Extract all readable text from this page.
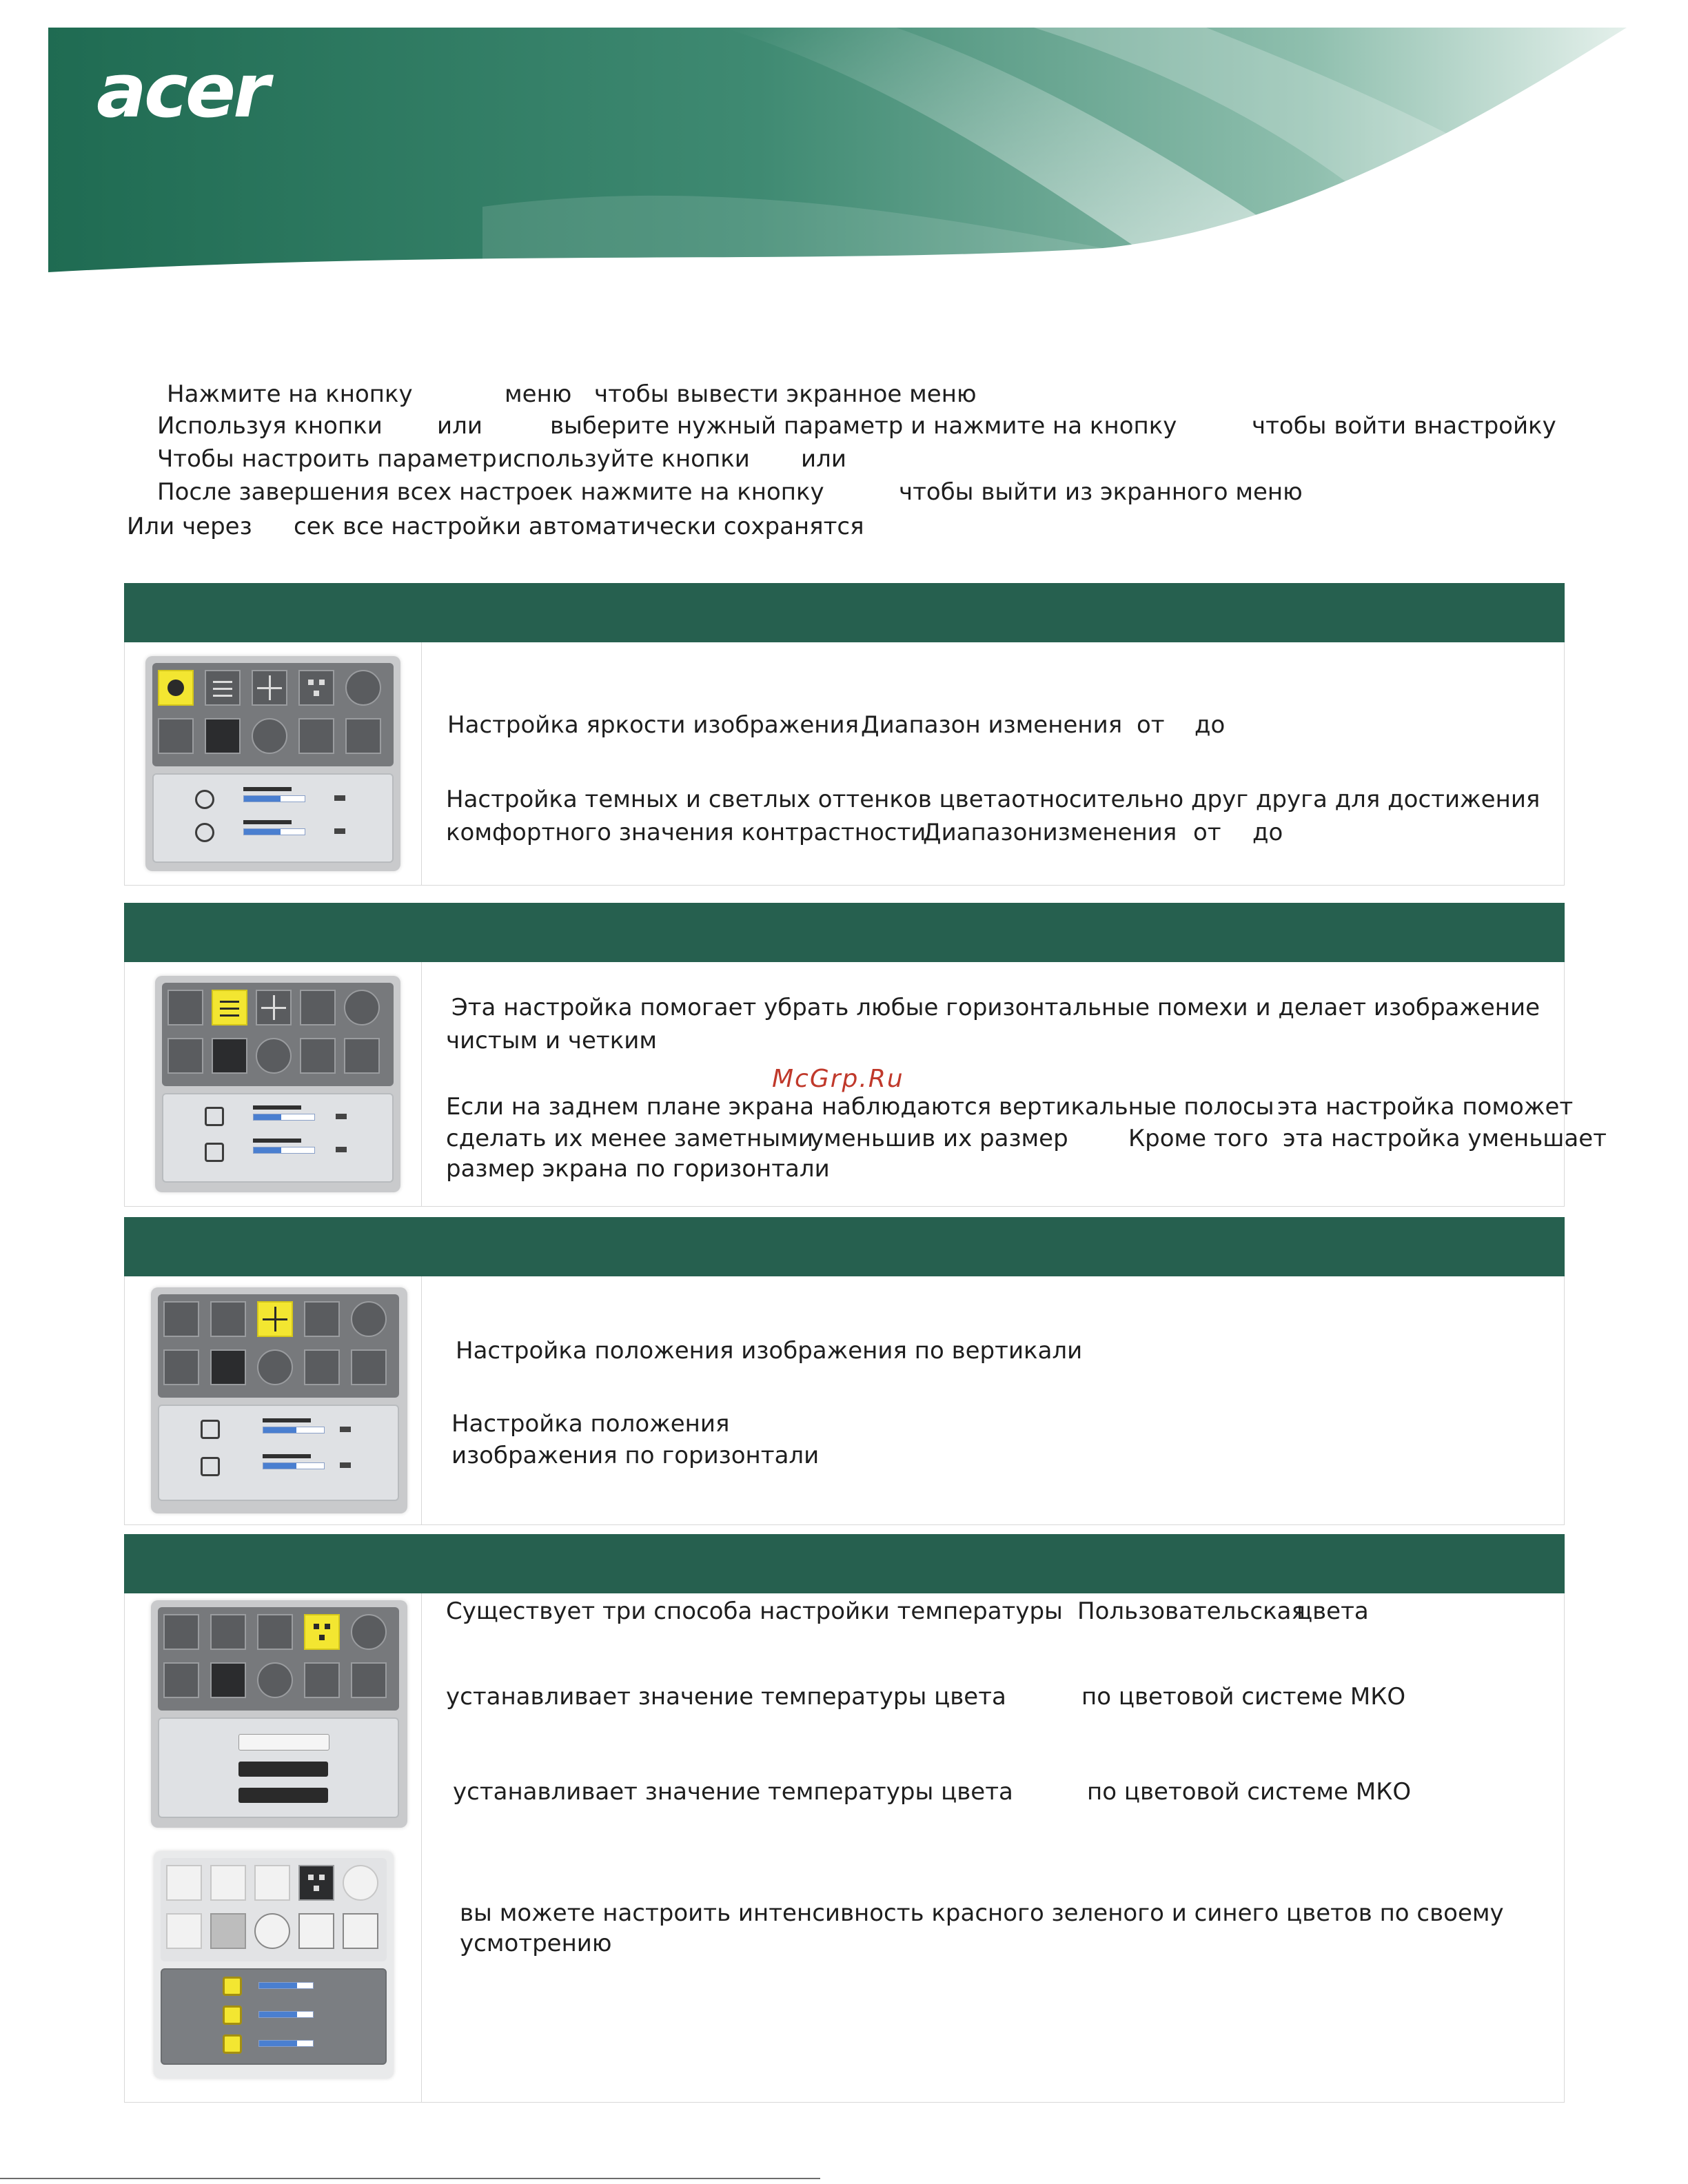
acer
Нажмите на кнопку	меню чтобы вывести экранное меню
Используя кнопки или	выберите нужный параметр и нажмите на кнопку	чтобы войти внастройку
Чтобы настроить параметр используйте кнопки или
После завершения всех настроек нажмите на кнопку	чтобы выйти из экранного меню
Или через сек все настройки автоматически сохранятся
Настройка яркости изображения Диапазон изменения от до
Настройка темных и светлых оттенков цветаотносительно друг друга для достижения
комфортного значения контрастности
Диапазонизменения от до
Эта настройка помогает убрать любые горизонтальные помехи и делает изображение
чистым и четким
Если на заднем плане экрана наблюдаются вертикальные полосы эта настройка поможет
сделать их менее заметными
уменьшив их размер	Кроме того эта настройка уменьшает
размер экрана по горизонтали
McGrp.Ru
Настройка положения изображения по вертикали
Настройка положения
изображения по горизонтали
Существует три способа настройки температуры Пользовательская
цвета
устанавливает значение температуры цвета	по цветовой системе МКО
устанавливает значение температуры цвета	по цветовой системе МКО
вы можете настроить интенсивность красного зеленого и синего цветов по своему
усмотрению
